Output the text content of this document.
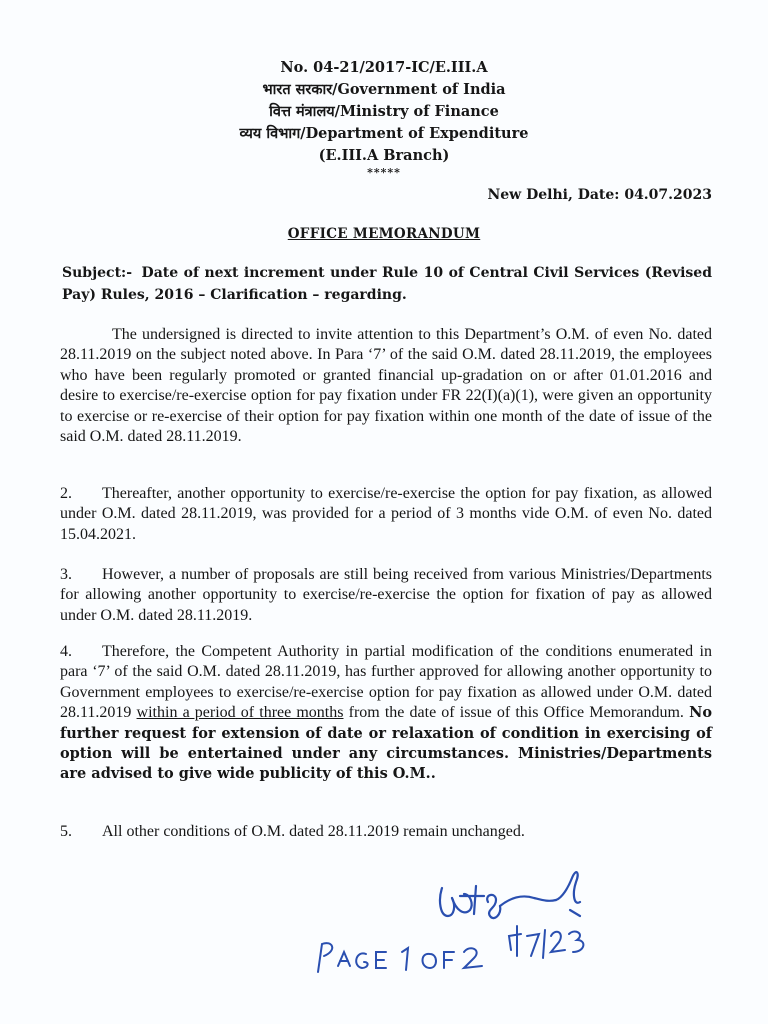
No. 04-21/2017-IC/E.III.A
भारत सरकार/Government of India
वित्त मंत्रालय/Ministry of Finance
व्यय विभाग/Department of Expenditure
(E.III.A Branch)
*****
New Delhi, Date: 04.07.2023
OFFICE MEMORANDUM
Subject:- Date of next increment under Rule 10 of Central Civil Services (Revised Pay) Rules, 2016 – Clarification – regarding.
The undersigned is directed to invite attention to this Department’s O.M. of even No. dated 28.11.2019 on the subject noted above. In Para ‘7’ of the said O.M. dated 28.11.2019, the employees who have been regularly promoted or granted financial up-gradation on or after 01.01.2016 and desire to exercise/re-exercise option for pay fixation under FR 22(I)(a)(1), were given an opportunity to exercise or re-exercise of their option for pay fixation within one month of the date of issue of the said O.M. dated 28.11.2019.
2. Thereafter, another opportunity to exercise/re-exercise the option for pay fixation, as allowed under O.M. dated 28.11.2019, was provided for a period of 3 months vide O.M. of even No. dated 15.04.2021.
3. However, a number of proposals are still being received from various Ministries/Departments for allowing another opportunity to exercise/re-exercise the option for fixation of pay as allowed under O.M. dated 28.11.2019.
4. Therefore, the Competent Authority in partial modification of the conditions enumerated in para ‘7’ of the said O.M. dated 28.11.2019, has further approved for allowing another opportunity to Government employees to exercise/re-exercise option for pay fixation as allowed under O.M. dated 28.11.2019 within a period of three months from the date of issue of this Office Memorandum. No further request for extension of date or relaxation of condition in exercising of option will be entertained under any circumstances. Ministries/Departments are advised to give wide publicity of this O.M..
5. All other conditions of O.M. dated 28.11.2019 remain unchanged.
